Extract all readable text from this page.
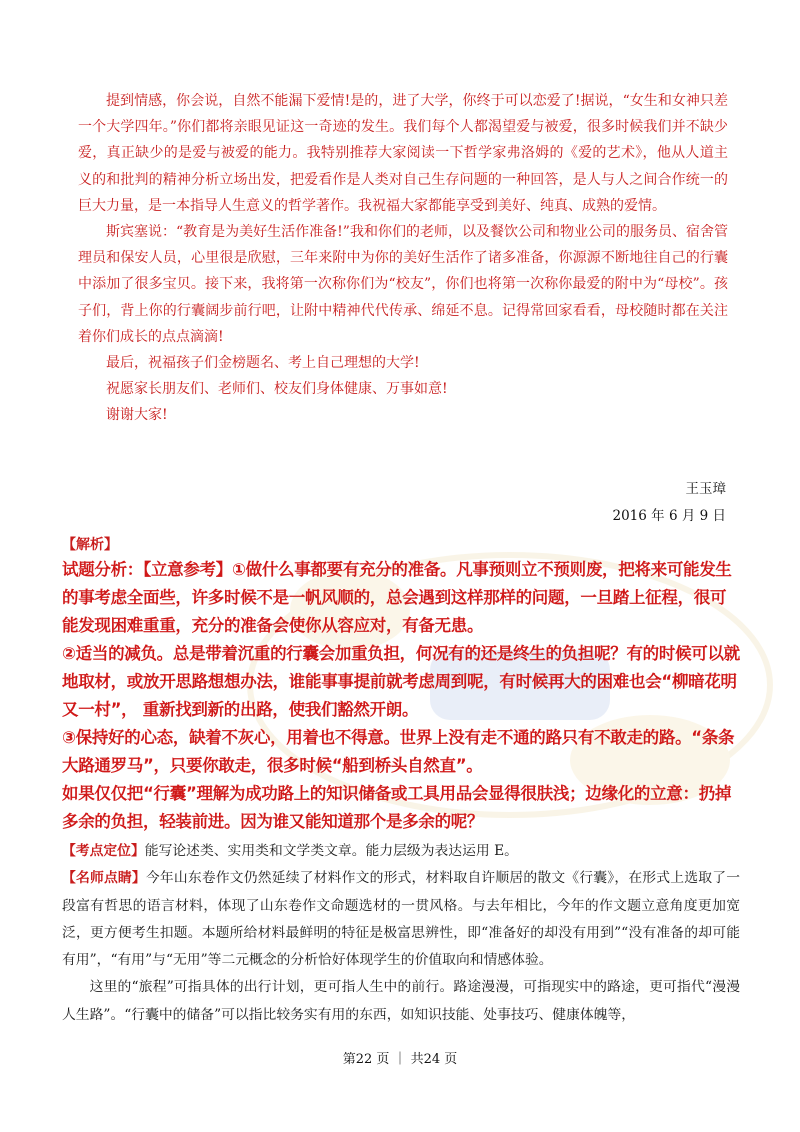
提到情感，你会说，自然不能漏下爱情!是的，进了大学，你终于可以恋爱了!据说，“女生和女神只差一个大学四年。”你们都将亲眼见证这一奇迹的发生。我们每个人都渴望爱与被爱，很多时候我们并不缺少爱，真正缺少的是爱与被爱的能力。我特别推荐大家阅读一下哲学家弗洛姆的《爱的艺术》，他从人道主义的和批判的精神分析立场出发，把爱看作是人类对自己生存问题的一种回答，是人与人之间合作统一的巨大力量，是一本指导人生意义的哲学著作。我祝福大家都能享受到美好、纯真、成熟的爱情。

斯宾塞说：“教育是为美好生活作准备!”我和你们的老师，以及餐饮公司和物业公司的服务员、宿舍管理员和保安人员，心里很是欣慰，三年来附中为你的美好生活作了诸多准备，你源源不断地往自己的行囊中添加了很多宝贝。接下来，我将第一次称你们为“校友”，你们也将第一次称你最爱的附中为“母校”。孩子们，背上你的行囊阔步前行吧，让附中精神代代传承、绵延不息。记得常回家看看，母校随时都在关注着你们成长的点点滴滴!

最后，祝福孩子们金榜题名、考上自己理想的大学!

祝愿家长朋友们、老师们、校友们身体健康、万事如意!

谢谢大家!

王玉璋
2016 年 6 月 9 日
【解析】

试题分析：【立意参考】①做什么事都要有充分的准备。凡事预则立不预则废，把将来可能发生的事考虑全面些，许多时候不是一帆风顺的，总会遇到这样那样的问题，一旦踏上征程，很可能发现困难重重，充分的准备会使你从容应对，有备无患。

②适当的减负。总是带着沉重的行囊会加重负担，何况有的还是终生的负担呢？有的时候可以就地取材，或放开思路想想办法，谁能事事提前就考虑周到呢，有时候再大的困难也会“柳暗花明又一村”， 重新找到新的出路，使我们豁然开朗。

③保持好的心态，缺着不灰心，用着也不得意。世界上没有走不通的路只有不敢走的路。“条条大路通罗马”，只要你敢走，很多时候“船到桥头自然直”。

如果仅仅把“行囊”理解为成功路上的知识储备或工具用品会显得很肤浅；边缘化的立意：扔掉多余的负担，轻装前进。因为谁又能知道那个是多余的呢？

【考点定位】能写论述类、实用类和文学类文章。能力层级为表达运用 E。

【名师点睛】今年山东卷作文仍然延续了材料作文的形式，材料取自许顺居的散文《行囊》，在形式上选取了一段富有哲思的语言材料，体现了山东卷作文命题选材的一贯风格。与去年相比，今年的作文题立意角度更加宽泛，更方便考生扣题。本题所给材料最鲜明的特征是极富思辨性，即“准备好的却没有用到”“没有准备的却可能有用”，“有用”与“无用”等二元概念的分析恰好体现学生的价值取向和情感体验。

这里的“旅程”可指具体的出行计划，更可指人生中的前行。路途漫漫，可指现实中的路途，更可指代“漫漫人生路”。“行囊中的储备”可以指比较务实有用的东西，如知识技能、处事技巧、健康体魄等，

第22 页 ｜ 共24 页
